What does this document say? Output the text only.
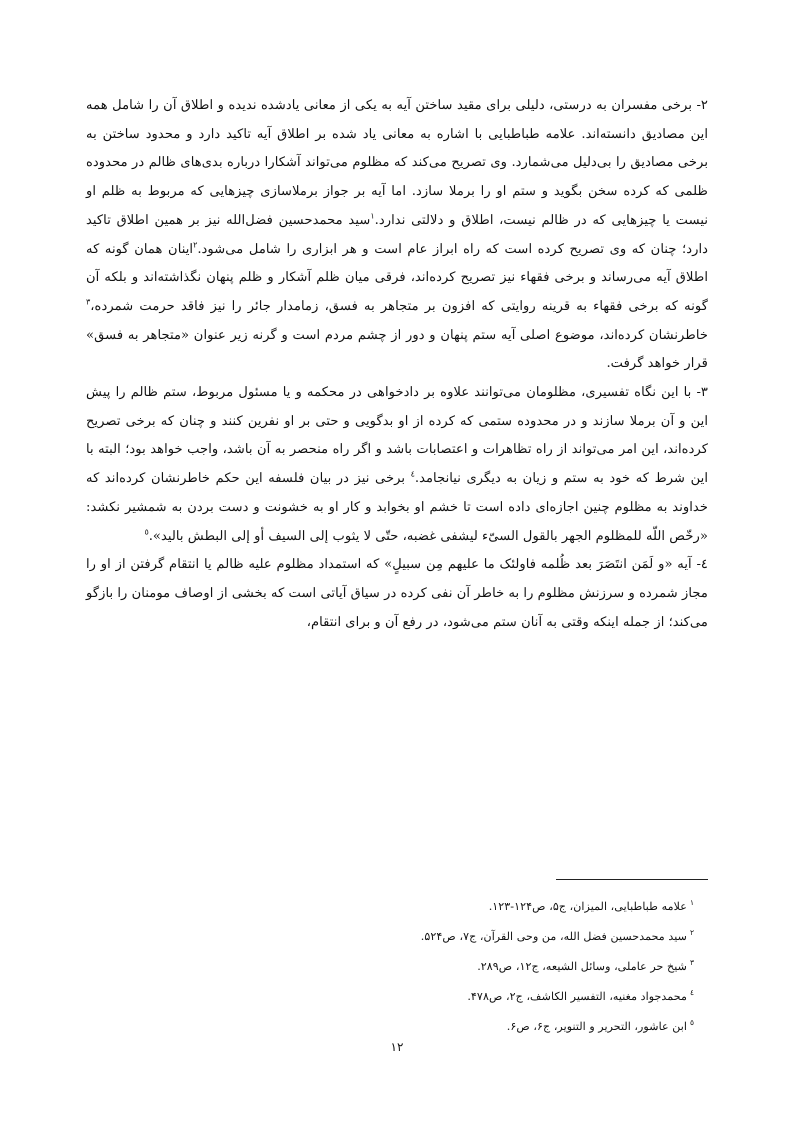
٢- برخی مفسران به درستی، دلیلی برای مقید ساختن آیه به یکی از معانی یادشده ندیده و اطلاق آن را شامل همه این مصادیق دانسته‌اند. علامه طباطبایی با اشاره به معانی یاد شده بر اطلاق آیه تاکید دارد و محدود ساختن به برخی مصادیق را بی‌دلیل می‌شمارد. وی تصریح می‌کند که مظلوم می‌تواند آشکارا درباره بدی‌های ظالم در محدوده ظلمی که کرده سخن بگوید و ستم او را برملا سازد. اما آیه بر جواز برملاسازی چیزهایی که مربوط به ظلم او نیست یا چیزهایی که در ظالم نیست، اطلاق و دلالتی ندارد.$^١$سید محمدحسین فضل‌الله نیز بر همین اطلاق تاکید دارد؛ چنان که وی تصریح کرده است که راه ابراز عام است و هر ابزاری را شامل می‌شود.$^٢$اینان همان گونه که اطلاق آیه می‌رساند و برخی فقهاء نیز تصریح کرده‌اند، فرقی میان ظلم آشکار و ظلم پنهان نگذاشته‌اند و بلکه آن گونه که برخی فقهاء به قرینه روایتی که افزون بر متجاهر به فسق، زمامدار جائر را نیز فاقد حرمت شمرده،$^٣$ خاطرنشان کرده‌اند، موضوع اصلی آیه ستم پنهان و دور از چشم مردم است و گرنه زیر عنوان «متجاهر به فسق» قرار خواهد گرفت.

٣- با این نگاه تفسیری، مظلومان می‌توانند علاوه بر دادخواهی در محکمه و یا مسئول مربوط، ستم ظالم را پیش این و آن برملا سازند و در محدوده ستمی که کرده از او بدگویی و حتی بر او نفرین کنند و چنان که برخی تصریح کرده‌اند، این امر می‌تواند از راه تظاهرات و اعتصابات باشد و اگر راه منحصر به آن باشد، واجب خواهد بود؛ البته با این شرط که خود به ستم و زیان به دیگری نیانجامد.$^٤$ برخی نیز در بیان فلسفه این حکم خاطرنشان کرده‌اند که خداوند به مظلوم چنین اجازه‌ای داده است تا خشم او بخوابد و کار او به خشونت و دست بردن به شمشیر نکشد: «رخّص اللّه للمظلوم الجهر بالقول السیّء لیشفی غضبه، حتّی لا یثوب إلی السیف أو إلی البطش بالید».$^٥$

٤- آیه «و لَمَن انتَصَرَ بعد ظُلمه فاولئک ما علیهم مِن سبیلٍ» که استمداد مظلوم علیه ظالم یا انتقام گرفتن از او را مجاز شمرده و سرزنش مظلوم را به خاطر آن نفی کرده در سیاق آیاتی است که بخشی از اوصاف مومنان را بازگو می‌کند؛ از جمله اینکه وقتی به آنان ستم می‌شود، در رفع آن و برای انتقام،

$^١$علامه طباطبایی، المیزان، ج۵، ص۱۲۴-۱۲۳.
$^٢$سید محمدحسین فضل الله، من وحی القرآن، ج۷، ص۵۲۴.
$^٣$شیخ حر عاملی، وسائل الشیعه، ج۱۲، ص۲۸۹.
$^٤$محمدجواد مغنیه، التفسیر الکاشف، ج۲، ص۴۷۸.
$^٥$ابن عاشور، التحریر و التنویر، ج۶، ص۶.
۱۲
